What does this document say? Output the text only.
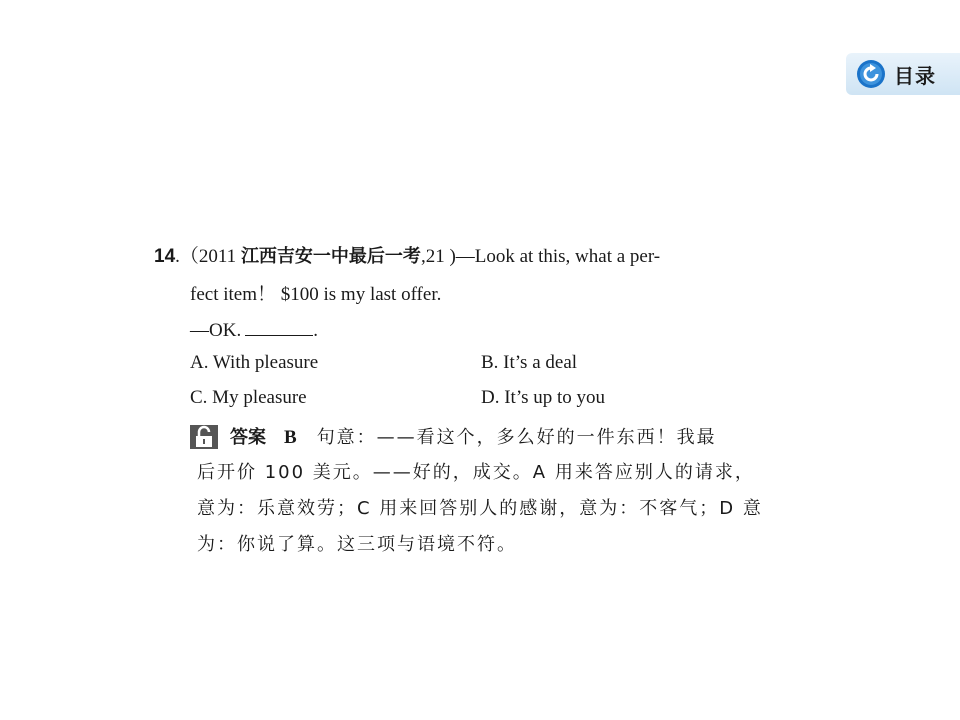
目录
14.（2011 江西吉安一中最后一考,21 )—Look at this, what a per-
fect item！ $100 is my last offer.
—OK.	.
A. With pleasure	B. It’s a deal
C. My pleasure	D. It’s up to you
答案 B 句意：——看这个，多么好的一件东西！我最
后开价 100 美元。——好的，成交。A 用来答应别人的请求，
意为：乐意效劳；C 用来回答别人的感谢，意为：不客气；D 意
为：你说了算。这三项与语境不符。
